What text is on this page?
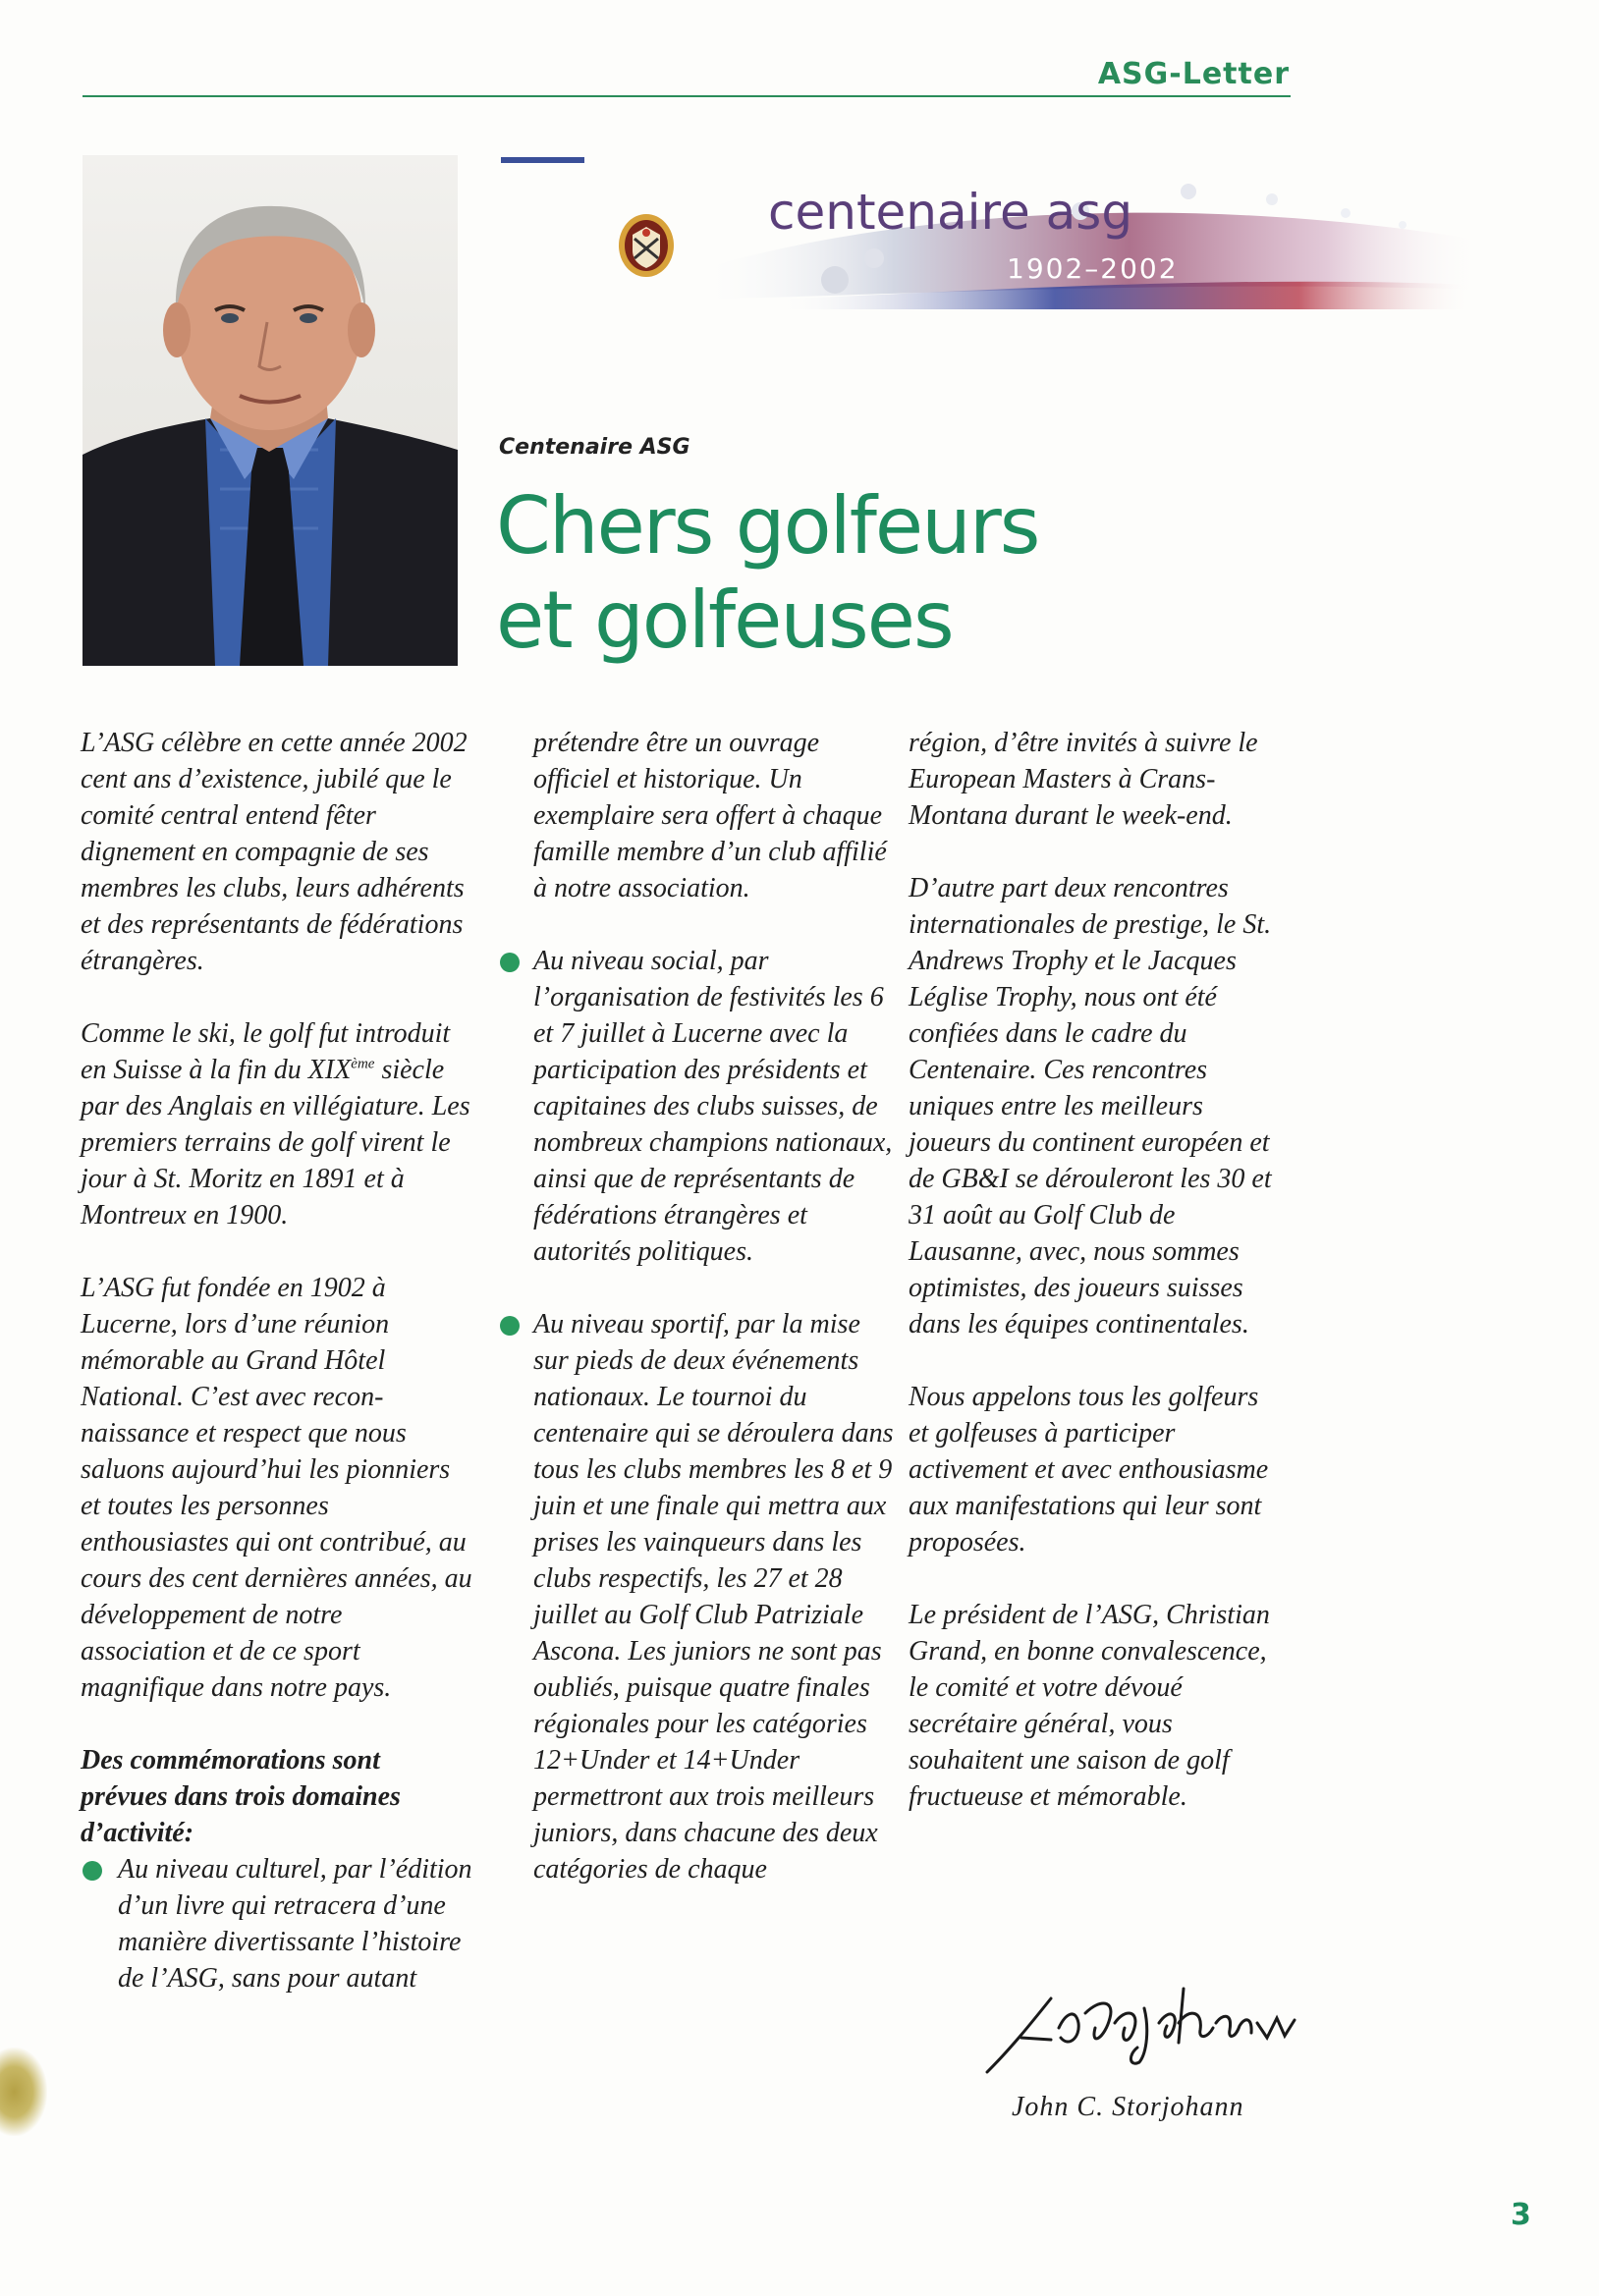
ASG-Letter
centenaire asg
1902–2002
Centenaire ASG
Chers golfeurs
et golfeuses

L’ASG célèbre en cette année 2002 cent ans d’existence, jubilé que le comité central entend fêter dignement en compagnie de ses membres les clubs, leurs adhérents et des représentants de fédérations étrangères.

Comme le ski, le golf fut introduit en Suisse à la fin du XIXème siècle par des Anglais en villégiature. Les premiers terrains de golf virent le jour à St. Moritz en 1891 et à Montreux en 1900.

L’ASG fut fondée en 1902 à Lucerne, lors d’une réunion mémorable au Grand Hôtel National. C’est avec recon-naissance et respect que nous saluons aujourd’hui les pionniers et toutes les personnes enthousiastes qui ont contribué, au cours des cent dernières années, au développement de notre association et de ce sport magnifique dans notre pays.

Des commémorations sont prévues dans trois domaines d’activité:

Au niveau culturel, par l’édition d’un livre qui retracera d’une manière divertissante l’histoire de l’ASG, sans pour autant

prétendre être un ouvrage officiel et historique. Un exemplaire sera offert à chaque famille membre d’un club affilié à notre association.

Au niveau social, par l’organisation de festivités les 6 et 7 juillet à Lucerne avec la participation des présidents et capitaines des clubs suisses, de nombreux champions nationaux, ainsi que de représentants de fédérations étrangères et autorités politiques.

Au niveau sportif, par la mise sur pieds de deux événements nationaux. Le tournoi du centenaire qui se déroulera dans tous les clubs membres les 8 et 9 juin et une finale qui mettra aux prises les vainqueurs dans les clubs respectifs, les 27 et 28 juillet au Golf Club Patriziale Ascona. Les juniors ne sont pas oubliés, puisque quatre finales régionales pour les catégories 12+Under et 14+Under permettront aux trois meilleurs juniors, dans chacune des deux catégories de chaque

région, d’être invités à suivre le European Masters à Crans-Montana durant le week-end.

D’autre part deux rencontres internationales de prestige, le St. Andrews Trophy et le Jacques Léglise Trophy, nous ont été confiées dans le cadre du Centenaire. Ces rencontres uniques entre les meilleurs joueurs du continent européen et de GB&I se dérouleront les 30 et 31 août au Golf Club de Lausanne, avec, nous sommes optimistes, des joueurs suisses dans les équipes continentales.

Nous appelons tous les golfeurs et golfeuses à participer activement et avec enthousiasme aux manifestations qui leur sont proposées.

Le président de l’ASG, Christian Grand, en bonne convalescence, le comité et votre dévoué secrétaire général, vous souhaitent une saison de golf fructueuse et mémorable.

John C. Storjohann
3
